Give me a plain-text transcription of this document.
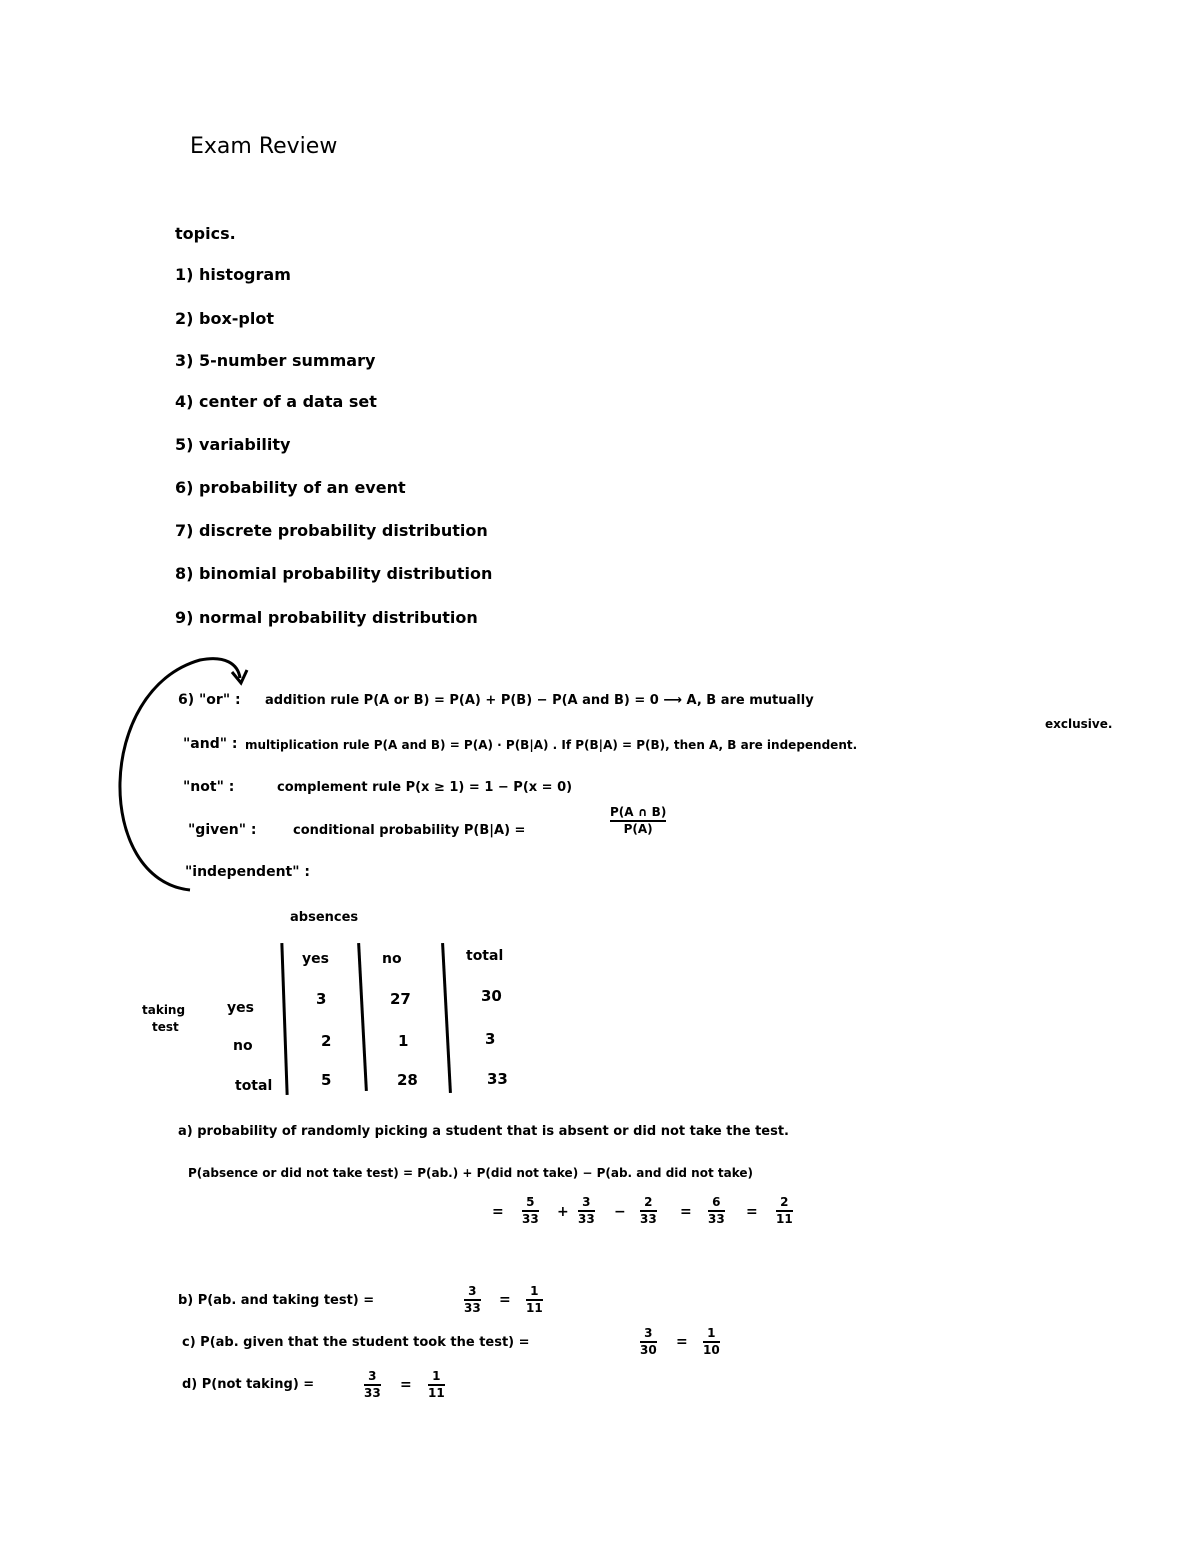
Exam Review
topics.
1) histogram
2) box-plot
3) 5-number summary
4) center of a data set
5) variability
6) probability of an event
7) discrete probability distribution
8) binomial probability distribution
9) normal probability distribution
6) "or" : addition rule P(A or B) = P(A) + P(B) − P(A and B) = 0 ⟶ A, B are mutually
exclusive.
"and" : multiplication rule P(A and B) = P(A) · P(B|A) . If P(B|A) = P(B), then A, B are independent.
"not" :	complement rule P(x ≥ 1) = 1 − P(x = 0)
"given" :	conditional probability P(B|A) =
P(A ∩ B)
P(A)
"independent" :
absences
taking
test
yes	no	total
yes	3	27	30
no	2	1	3
total	5	28	33
a) probability of randomly picking a student that is absent or did not take the test.
P(absence or did not take test) = P(ab.) + P(did not take) − P(ab. and did not take)
=
5
33 +
3
33 −
2
33 =
6
33 =
2
11
b) P(ab. and taking test) =
3
33 =
1
11
c) P(ab. given that the student took the test) =
3
30 =
1
10
d) P(not taking) =
3
33 =
1
11
